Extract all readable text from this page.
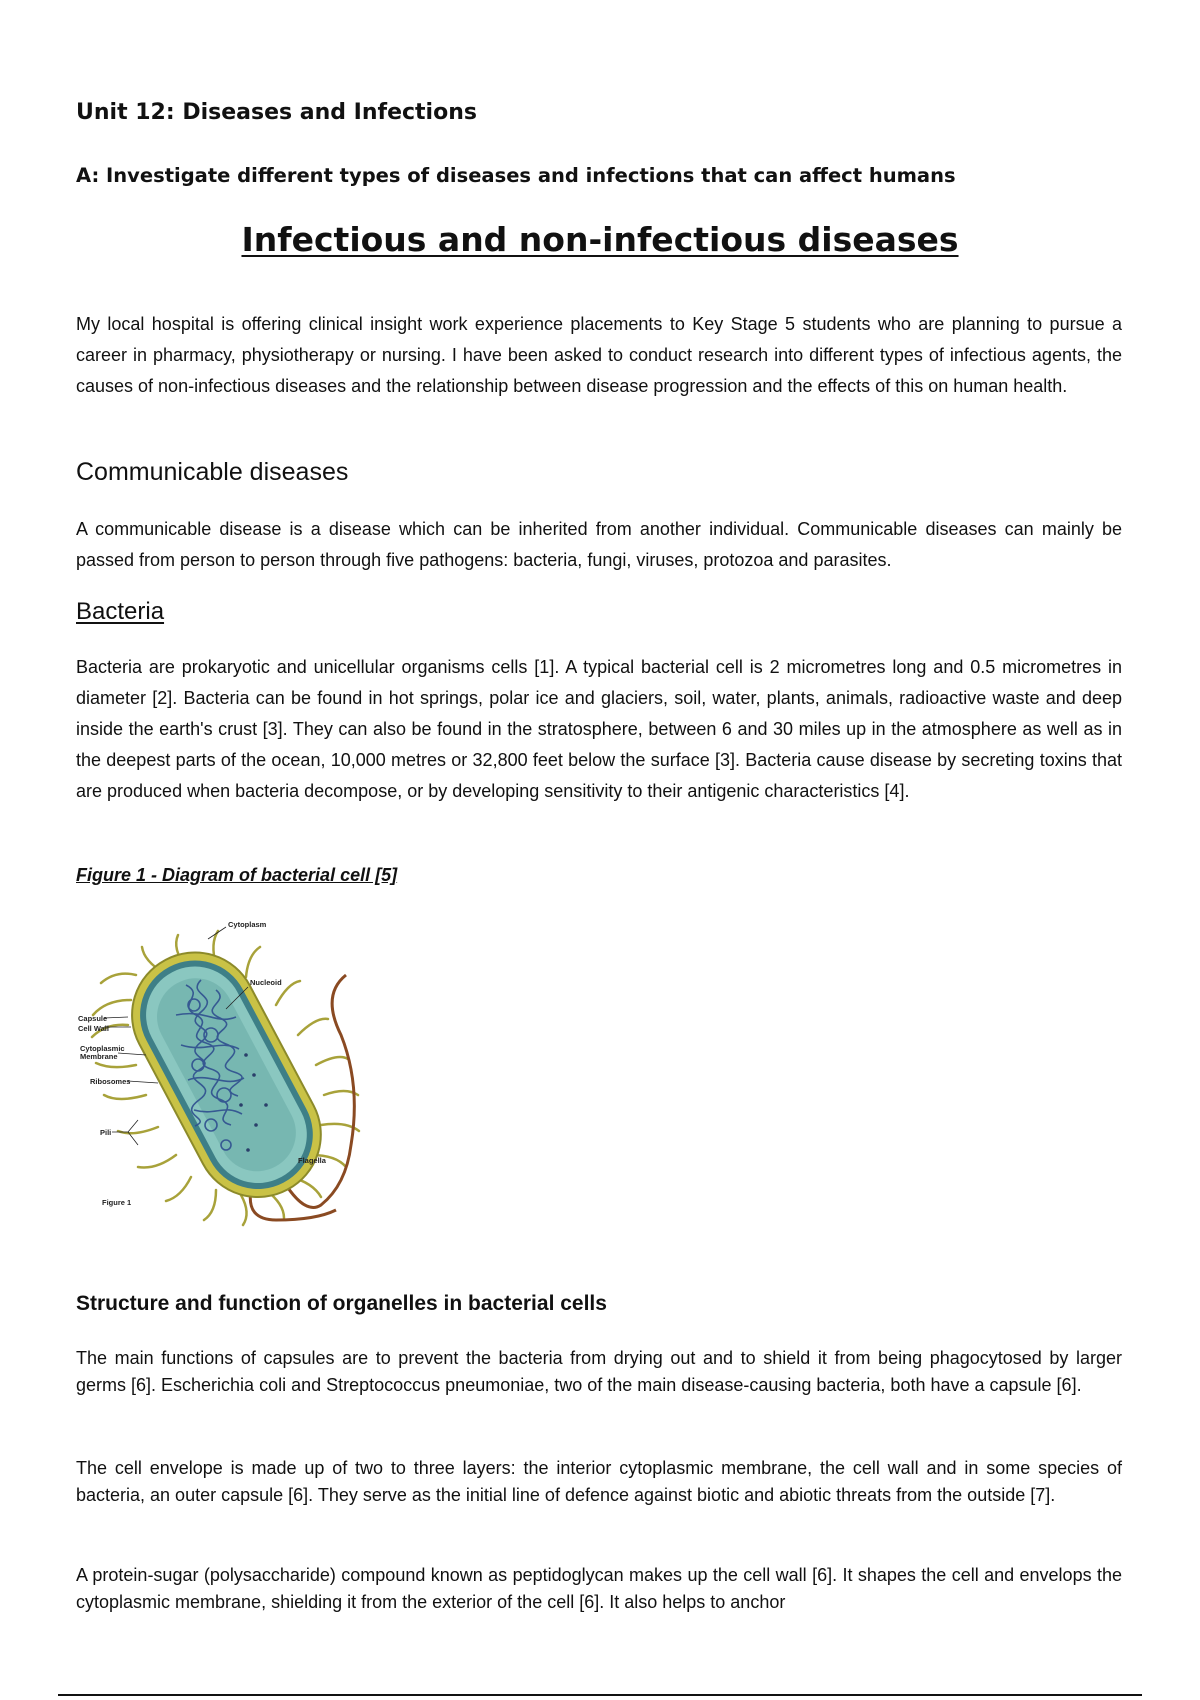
Unit 12: Diseases and Infections
A: Investigate different types of diseases and infections that can affect humans
Infectious and non-infectious diseases

My local hospital is offering clinical insight work experience placements to Key Stage 5 students who are planning to pursue a career in pharmacy, physiotherapy or nursing. I have been asked to conduct research into different types of infectious agents, the causes of non-infectious diseases and the relationship between disease progression and the effects of this on human health.

Communicable diseases

A communicable disease is a disease which can be inherited from another individual. Communicable diseases can mainly be passed from person to person through five pathogens: bacteria, fungi, viruses, protozoa and parasites.

Bacteria

Bacteria are prokaryotic and unicellular organisms cells [1]. A typical bacterial cell is 2 micrometres long and 0.5 micrometres in diameter [2]. Bacteria can be found in hot springs, polar ice and glaciers, soil, water, plants, animals, radioactive waste and deep inside the earth's crust [3]. They can also be found in the stratosphere, between 6 and 30 miles up in the atmosphere as well as in the deepest parts of the ocean, 10,000 metres or 32,800 feet below the surface [3]. Bacteria cause disease by secreting toxins that are produced when bacteria decompose, or by developing sensitivity to their antigenic characteristics [4].

Figure 1 - Diagram of bacterial cell [5]
Cytoplasm
Nucleoid
Capsule
Cell Wall
Cytoplasmic
Membrane
Ribosomes
Pili
Flagella
Figure 1
Structure and function of organelles in bacterial cells

The main functions of capsules are to prevent the bacteria from drying out and to shield it from being phagocytosed by larger germs [6]. Escherichia coli and Streptococcus pneumoniae, two of the main disease-causing bacteria, both have a capsule [6].

The cell envelope is made up of two to three layers: the interior cytoplasmic membrane, the cell wall and in some species of bacteria, an outer capsule [6]. They serve as the initial line of defence against biotic and abiotic threats from the outside [7].

A protein-sugar (polysaccharide) compound known as peptidoglycan makes up the cell wall [6]. It shapes the cell and envelops the cytoplasmic membrane, shielding it from the exterior of the cell [6]. It also helps to anchor
